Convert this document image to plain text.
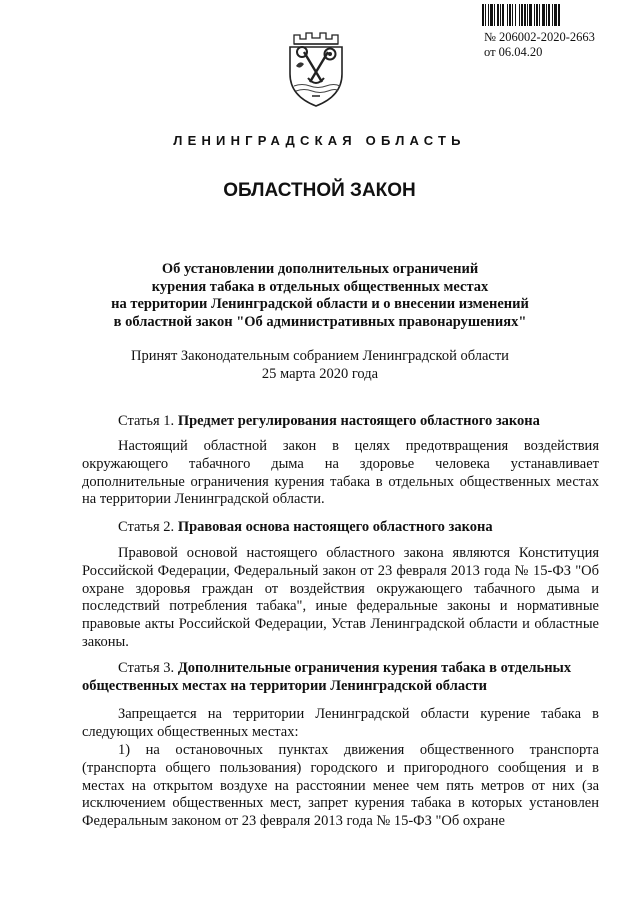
№ 206002-2020-2663
от 06.04.20
ЛЕНИНГРАДСКАЯ ОБЛАСТЬ
ОБЛАСТНОЙ ЗАКОН
Об установлении дополнительных ограничений
курения табака в отдельных общественных местах
на территории Ленинградской области и о внесении изменений
в областной закон "Об административных правонарушениях"
Принят Законодательным собранием Ленинградской области
25 марта 2020 года
Статья 1. Предмет регулирования настоящего областного закона
Настоящий областной закон в целях предотвращения воздействия окружающего табачного дыма на здоровье человека устанавливает дополнительные ограничения курения табака в отдельных общественных местах на территории Ленинградской области.
Статья 2. Правовая основа настоящего областного закона
Правовой основой настоящего областного закона являются Конституция Российской Федерации, Федеральный закон от 23 февраля 2013 года № 15-ФЗ "Об охране здоровья граждан от воздействия окружающего табачного дыма и последствий потребления табака", иные федеральные законы и нормативные правовые акты Российской Федерации, Устав Ленинградской области и областные законы.
Статья 3. Дополнительные ограничения курения табака в отдельных общественных местах на территории Ленинградской области
Запрещается на территории Ленинградской области курение табака в следующих общественных местах:
1) на остановочных пунктах движения общественного транспорта (транспорта общего пользования) городского и пригородного сообщения и в местах на открытом воздухе на расстоянии менее чем пять метров от них (за исключением общественных мест, запрет курения табака в которых установлен Федеральным законом от 23 февраля 2013 года № 15-ФЗ "Об охране
